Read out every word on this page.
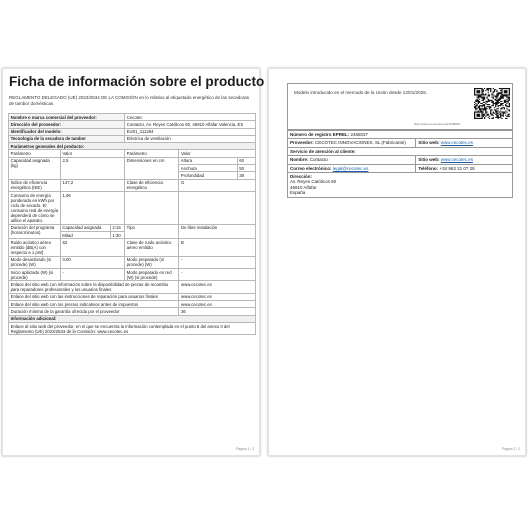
Ficha de información sobre el producto
REGLAMENTO DELEGADO (UE) 2023/2534 DE LA COMISIÓN en lo relativo al etiquetado energético de las secadoras de tambor domésticas
Nombre o marca comercial del proveedor:	Cecotec
Dirección del proveedor:	Contacto, Av. Reyes Católicos 60, 46910 Alfafar Valencia, ES
Identificador del modelo:	EU01_111284
Tecnología de la secadora de tambor	Eléctrica de ventilación
Parámetros generales del producto:
Parámetro	Valor	Parámetro	Valor
Capacidad asignada (kg)	2,5	Dimensiones en cm		Altura	60
Anchura	50
Profundidad	38

Índice de eficiencia energética (IEE)	147,2	Clase de eficiencia energética	G
Consumo de energía ponderado en kWh por ciclo de secado. El consumo real de energía dependerá de cómo se utilice el aparato.	1,06		
Duración del programa (horas:minutos)	
Capacidad asignada	2:15
Mitad	1:30
	Tipo	De libre instalación
Ruido acústico aéreo emitido [dB(A) con respecto a 1 pW]	62	Clase de ruido acústico aéreo emitido	B
Modo desactivado (si procede) (W)	0,00	Modo preparado (si procede) (W)	-
Inicio aplazado (W) (si procede)	-	Modo preparado en red (W) (si procede)	-
Enlace del sitio web con información sobre la disponibilidad de piezas de recambio para reparadores profesionales y los usuarios finales	www.cecotec.es
Enlace del sitio web con las instrucciones de reparación para usuarios finales	www.cecotec.es
Enlace del sitio web con los precios indicativos antes de impuestos	www.cecotec.es
Duración mínima de la garantía ofrecida por el proveedor	36
Información adicional:
Enlace al sitio web del proveedor, en el que se encuentra la información contemplada en el punto 6 del anexo II del Reglamento (UE) 2023/2533 de la Comisión: www.cecotec.es
Página 1 / 2
Modelo introducido en el mercado de la Unión desde 12/01/2026.
https://eprel.ec.europa.eu/qr/2456037
Número de registro EPREL: 2456037	
Proveedor: CECOTEC INNOVACIONES, SL (Fabricante)	Sitio web: www.cecotec.es
Servicio de atención al cliente:	
Nombre: Contacto	Sitio web: www.cecotec.es
Correo electrónico: legal@cecotec.es	Teléfono: +34 963 21 07 28

Dirección:
Av. Reyes Católicos 60
46910 Alfafar
España	
Página 2 / 2
